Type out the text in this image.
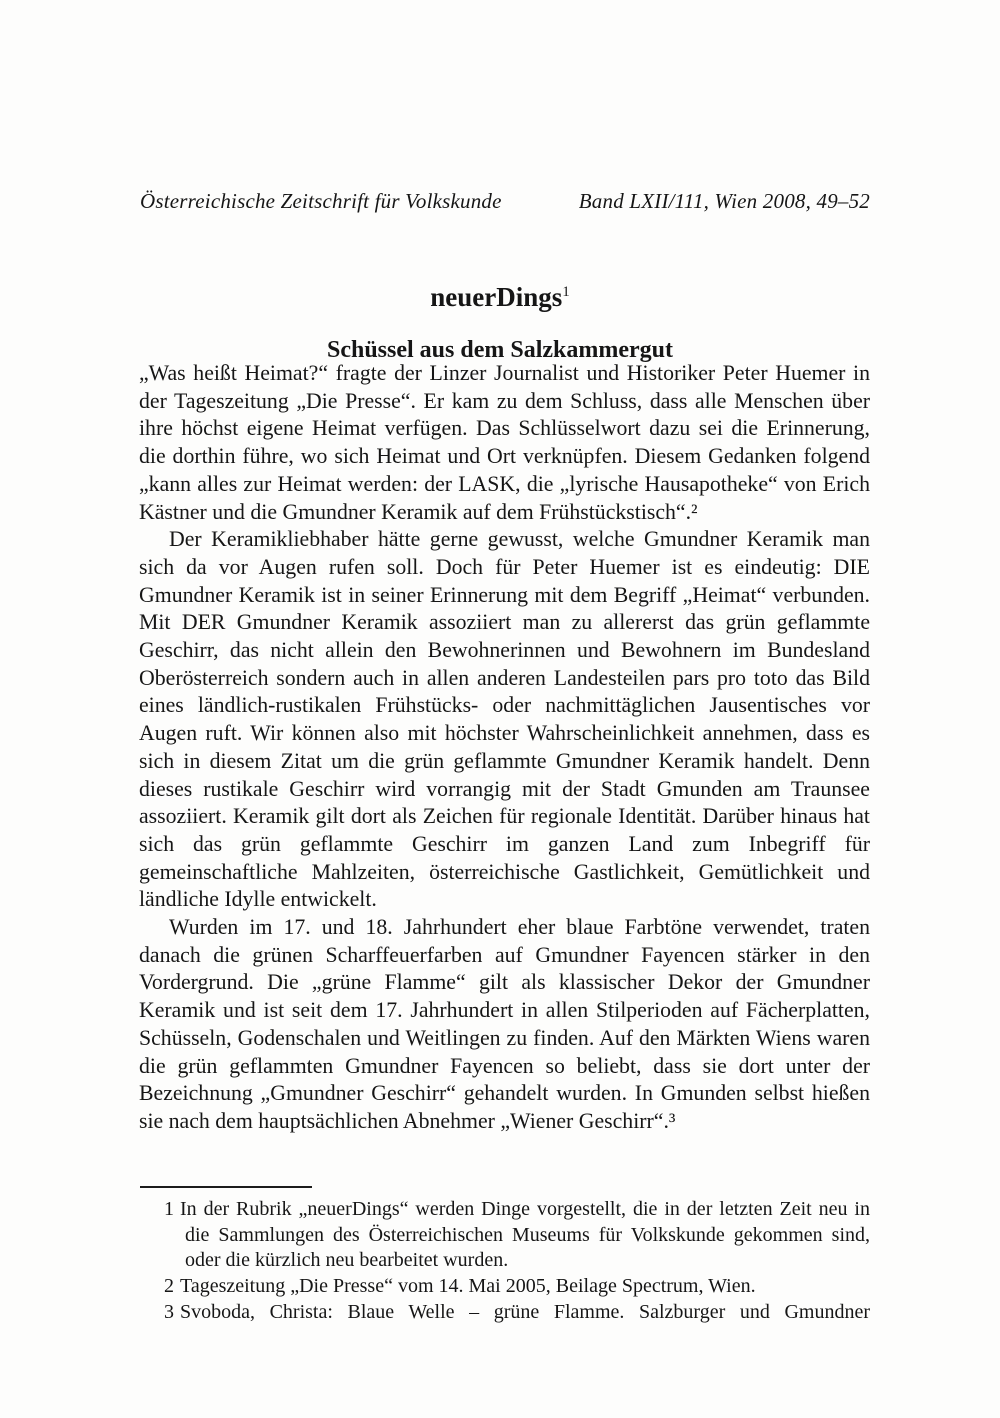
Österreichische Zeitschrift für Volkskunde	Band LXII/111, Wien 2008, 49–52
neuerDings$^1$
Schüssel aus dem Salzkammergut

„Was heißt Heimat?“ fragte der Linzer Journalist und Historiker Peter Huemer in der Tageszeitung „Die Presse“. Er kam zu dem Schluss, dass alle Menschen über ihre höchst eigene Heimat verfügen. Das Schlüsselwort dazu sei die Erinnerung, die dorthin führe, wo sich Heimat und Ort verknüpfen. Diesem Gedanken folgend „kann alles zur Heimat werden: der LASK, die „lyrische Hausapotheke“ von Erich Kästner und die Gmundner Keramik auf dem Frühstückstisch“.²

Der Keramikliebhaber hätte gerne gewusst, welche Gmundner Keramik man sich da vor Augen rufen soll. Doch für Peter Huemer ist es eindeutig: DIE Gmundner Keramik ist in seiner Erinnerung mit dem Begriff „Heimat“ verbunden. Mit DER Gmundner Keramik assoziiert man zu allererst das grün geflammte Geschirr, das nicht allein den Bewohnerinnen und Bewohnern im Bundesland Oberösterreich sondern auch in allen anderen Landesteilen pars pro toto das Bild eines ländlich-rustikalen Frühstücks- oder nachmittäglichen Jausentisches vor Augen ruft. Wir können also mit höchster Wahrscheinlichkeit annehmen, dass es sich in diesem Zitat um die grün geflammte Gmundner Keramik handelt. Denn dieses rustikale Geschirr wird vorrangig mit der Stadt Gmunden am Traunsee assoziiert. Keramik gilt dort als Zeichen für regionale Identität. Darüber hinaus hat sich das grün geflammte Geschirr im ganzen Land zum Inbegriff für gemeinschaftliche Mahlzeiten, österreichische Gastlichkeit, Gemütlichkeit und ländliche Idylle entwickelt.

Wurden im 17. und 18. Jahrhundert eher blaue Farbtöne verwendet, traten danach die grünen Scharffeuerfarben auf Gmundner Fayencen stärker in den Vordergrund. Die „grüne Flamme“ gilt als klassischer Dekor der Gmundner Keramik und ist seit dem 17. Jahrhundert in allen Stilperioden auf Fächerplatten, Schüsseln, Godenschalen und Weitlingen zu finden. Auf den Märkten Wiens waren die grün geflammten Gmundner Fayencen so beliebt, dass sie dort unter der Bezeichnung „Gmundner Geschirr“ gehandelt wurden. In Gmunden selbst hießen sie nach dem hauptsächlichen Abnehmer „Wiener Geschirr“.³

1 In der Rubrik „neuerDings“ werden Dinge vorgestellt, die in der letzten Zeit neu in die Sammlungen des Österreichischen Museums für Volkskunde gekommen sind, oder die kürzlich neu bearbeitet wurden.

2 Tageszeitung „Die Presse“ vom 14. Mai 2005, Beilage Spectrum, Wien.

3 Svoboda, Christa: Blaue Welle – grüne Flamme. Salzburger und Gmundner
